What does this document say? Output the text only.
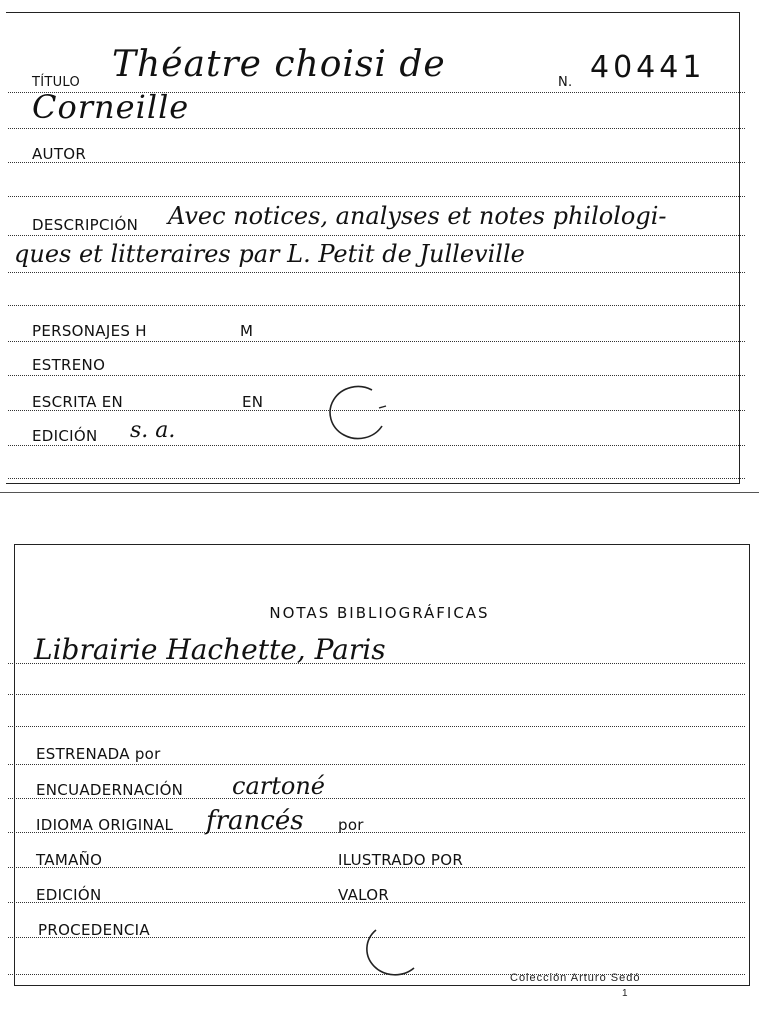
TÍTULO Théatre choisi de	N. 40441
Corneille
AUTOR
DESCRIPCIÓN Avec notices, analyses et notes philologi-
ques et litteraires par L. Petit de Julleville
PERSONAJES H	M
ESTRENO
ESCRITA EN	EN
EDICIÓN s. a.
NOTAS BIBLIOGRÁFICAS
Librairie Hachette, Paris
ESTRENADA por
ENCUADERNACIÓN cartoné
IDIOMA ORIGINAL francés por
TAMAÑO	ILUSTRADO POR
EDICIÓN	VALOR
PROCEDENCIA
Colección Arturo Sedó
1
